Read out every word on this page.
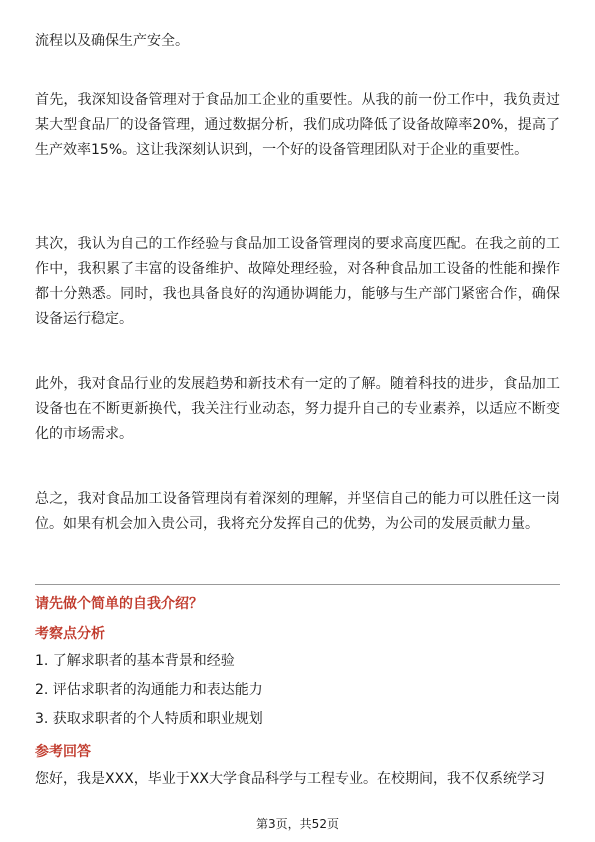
流程以及确保生产安全。

首先，我深知设备管理对于食品加工企业的重要性。从我的前一份工作中，我负责过某大型食品厂的设备管理，通过数据分析，我们成功降低了设备故障率20%，提高了生产效率15%。这让我深刻认识到，一个好的设备管理团队对于企业的重要性。

其次，我认为自己的工作经验与食品加工设备管理岗的要求高度匹配。在我之前的工作中，我积累了丰富的设备维护、故障处理经验，对各种食品加工设备的性能和操作都十分熟悉。同时，我也具备良好的沟通协调能力，能够与生产部门紧密合作，确保设备运行稳定。

此外，我对食品行业的发展趋势和新技术有一定的了解。随着科技的进步，食品加工设备也在不断更新换代，我关注行业动态，努力提升自己的专业素养，以适应不断变化的市场需求。

总之，我对食品加工设备管理岗有着深刻的理解，并坚信自己的能力可以胜任这一岗位。如果有机会加入贵公司，我将充分发挥自己的优势，为公司的发展贡献力量。

请先做个简单的自我介绍？

考察点分析

1. 了解求职者的基本背景和经验
2. 评估求职者的沟通能力和表达能力
3. 获取求职者的个人特质和职业规划

参考回答

您好，我是XXX，毕业于XX大学食品科学与工程专业。在校期间，我不仅系统学习

第3页，共52页
